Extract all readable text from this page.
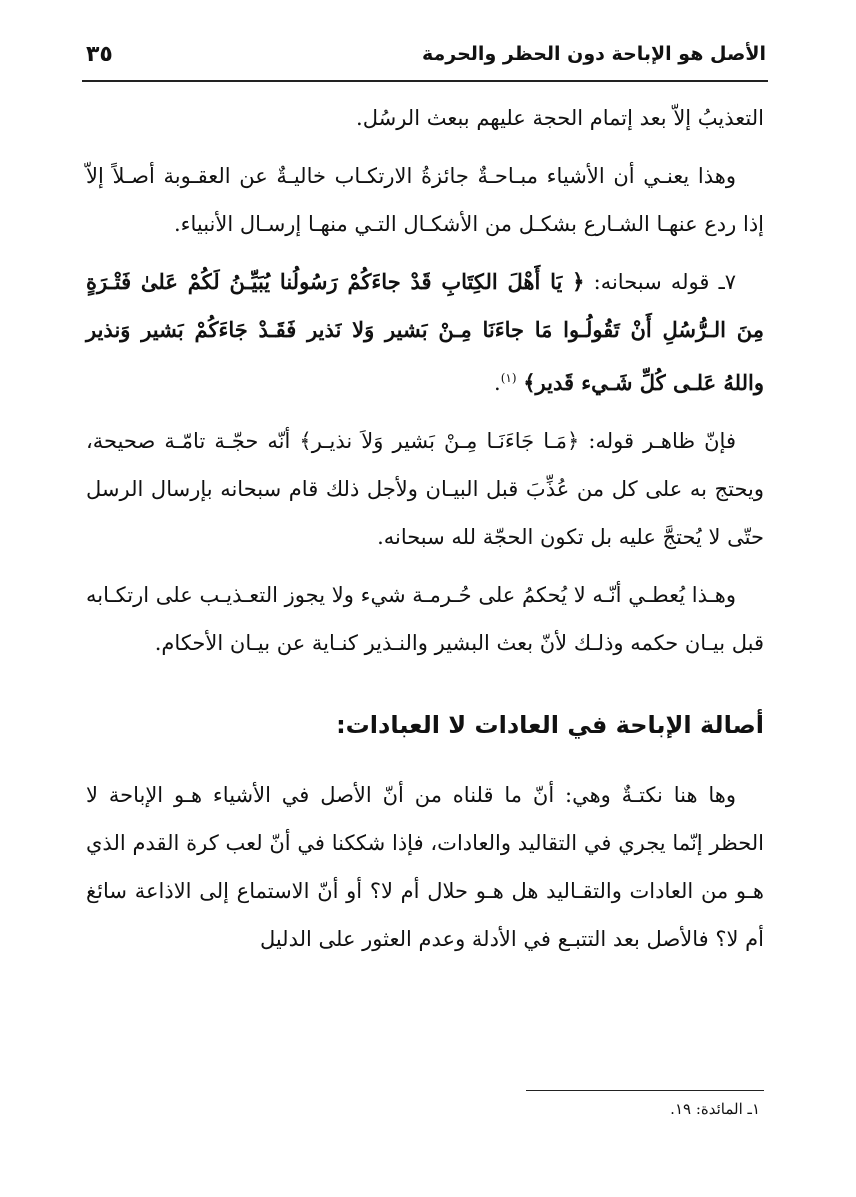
الأصل هو الإباحة دون الحظر والحرمة
٣٥

التعذيبُ إلاّ بعد إتمام الحجة عليهم ببعث الرسُل.

وهذا يعنـي أن الأشياء مبـاحـةٌ جائزةُ الارتكـاب خاليـةٌ عن العقـوبة أصـلاً إلاّ إذا ردع عنهـا الشـارع بشكـل من الأشكـال التـي منهـا إرسـال الأنبياء.

٧ـ قوله سبحانه: ﴿ يَا أَهْلَ الكِتَابِ قَدْ جاءَكُمْ رَسُولُنا يُبَيِّـنُ لَكُمْ عَلىٰ فَتْـرَةٍ مِنَ الـرُّسُلِ أَنْ تَقُولُـوا مَا جاءَنَا مِـنْ بَشير وَلا نَذير فَقَـدْ جَاءَكُمْ بَشير وَنذير واللهُ عَلـى كُلِّ شَـيء قَدير﴾ $^{(١)}$.

فإنّ ظاهـر قوله: ﴿مَـا جَاءَنَـا مِـنْ بَشير وَلاَ نذيـر﴾ أنّه حجّـة تامّـة صحيحة، ويحتج به على كل من عُذِّبَ قبل البيـان ولأجل ذلك قام سبحانه بإرسال الرسل حتّى لا يُحتجَّ عليه بل تكون الحجّة لله سبحانه.

وهـذا يُعطـي أنّـه لا يُحكمُ على حُـرمـة شيء ولا يجوز التعـذيـب على ارتكـابه قبل بيـان حكمه وذلـك لأنّ بعث البشير والنـذير كنـاية عن بيـان الأحكام.

أصالة الإباحة في العادات لا العبادات:

وها هنا نكتـةٌ وهي: أنّ ما قلناه من أنّ الأصل في الأشياء هـو الإباحة لا الحظر إنّما يجري في التقاليد والعادات، فإذا شككنا في أنّ لعب كرة القدم الذي هـو من العادات والتقـاليد هل هـو حلال أم لا؟ أو أنّ الاستماع إلى الاذاعة سائغ أم لا؟ فالأصل بعد التتبـع في الأدلة وعدم العثور على الدليل

١ـ المائدة: ١٩.
